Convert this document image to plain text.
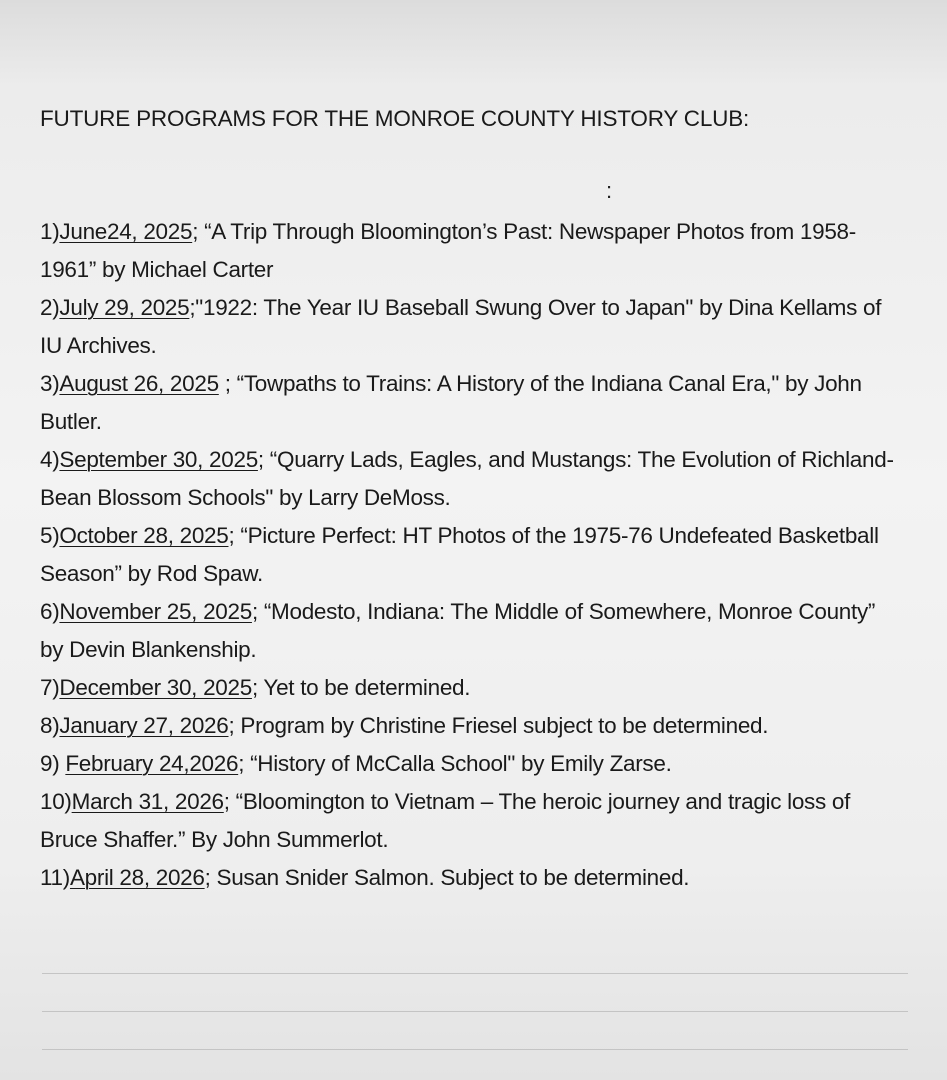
FUTURE PROGRAMS FOR THE MONROE COUNTY HISTORY CLUB:
:
1)June24, 2025; “A Trip Through Bloomington’s Past: Newspaper Photos from 1958-1961” by Michael Carter
2)July 29, 2025;"1922: The Year IU Baseball Swung Over to Japan" by Dina Kellams of IU Archives.
3)August 26, 2025 ; “Towpaths to Trains: A History of the Indiana Canal Era," by John Butler.
4)September 30, 2025; “Quarry Lads, Eagles, and Mustangs: The Evolution of Richland-Bean Blossom Schools" by Larry DeMoss.
5)October 28, 2025; “Picture Perfect: HT Photos of the 1975-76 Undefeated Basketball Season” by Rod Spaw.
6)November 25, 2025; “Modesto, Indiana: The Middle of Somewhere, Monroe County” by Devin Blankenship.
7)December 30, 2025; Yet to be determined.
8)January 27, 2026; Program by Christine Friesel subject to be determined.
9) February 24,2026; “History of McCalla School" by Emily Zarse.
10)March 31, 2026; “Bloomington to Vietnam – The heroic journey and tragic loss of Bruce Shaffer.” By John Summerlot.
11)April 28, 2026; Susan Snider Salmon. Subject to be determined.
